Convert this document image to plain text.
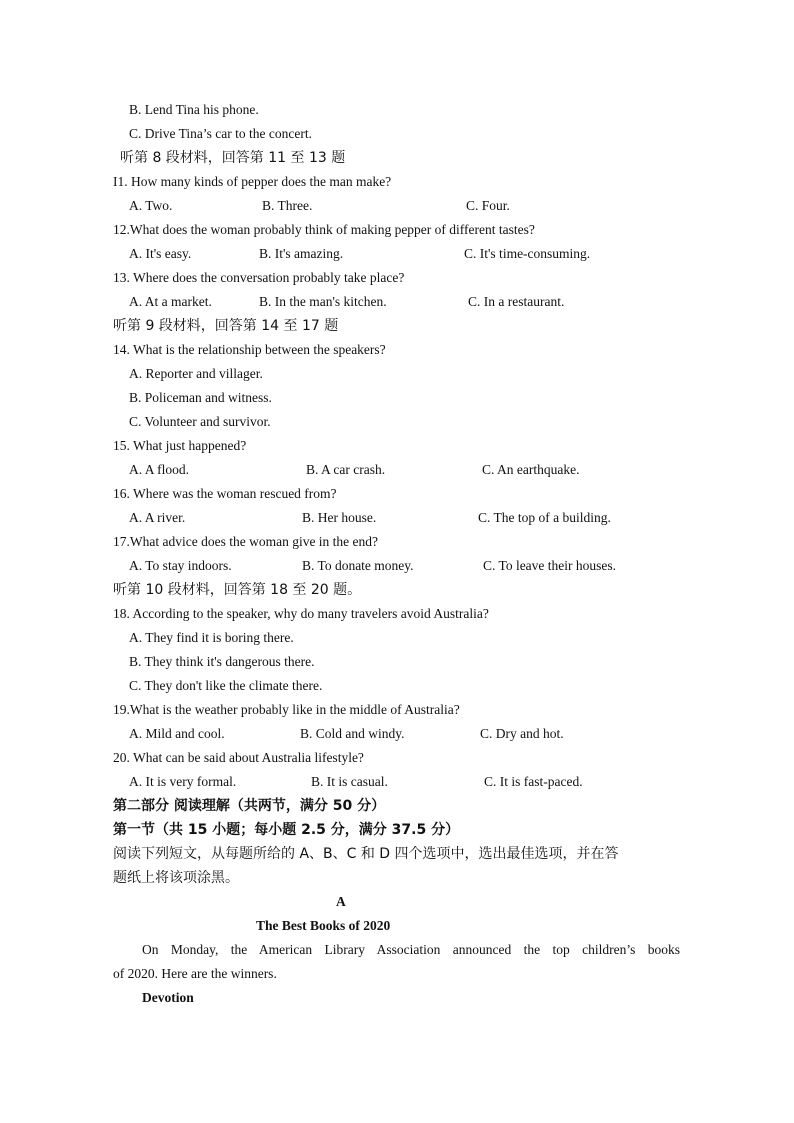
B. Lend Tina his phone.
C. Drive Tina’s car to the concert.
听第 8 段材料，回答第 11 至 13 题
I1. How many kinds of pepper does the man make?
A. Two.	B. Three.	C. Four.
12.What does the woman probably think of making pepper of different tastes?
A. It's easy.	B. It's amazing.	C. It's time-consuming.
13. Where does the conversation probably take place?
A. At a market.	B. In the man's kitchen.	C. In a restaurant.
听第 9 段材料，回答第 14 至 17 题
14. What is the relationship between the speakers?
A. Reporter and villager.
B. Policeman and witness.
C. Volunteer and survivor.
15. What just happened?
A. A flood.	B. A car crash.	C. An earthquake.
16. Where was the woman rescued from?
A. A river.	B. Her house.	C. The top of a building.
17.What advice does the woman give in the end?
A. To stay indoors.	B. To donate money.	C. To leave their houses.
听第 10 段材料，回答第 18 至 20 题。
18. According to the speaker, why do many travelers avoid Australia?
A. They find it is boring there.
B. They think it's dangerous there.
C. They don't like the climate there.
19.What is the weather probably like in the middle of Australia?
A. Mild and cool.	B. Cold and windy.	C. Dry and hot.
20. What can be said about Australia lifestyle?
A. It is very formal.	B. It is casual.	C. It is fast-paced.
第二部分 阅读理解（共两节，满分 50 分）
第一节（共 15 小题；每小题 2.5 分，满分 37.5 分）
阅读下列短文，从每题所给的 A、B、C 和 D 四个选项中，选出最佳选项，并在答
题纸上将该项涂黑。
A
The Best Books of 2020
On Monday, the American Library Association announced the top children’s books
of 2020. Here are the winners.
Devotion
